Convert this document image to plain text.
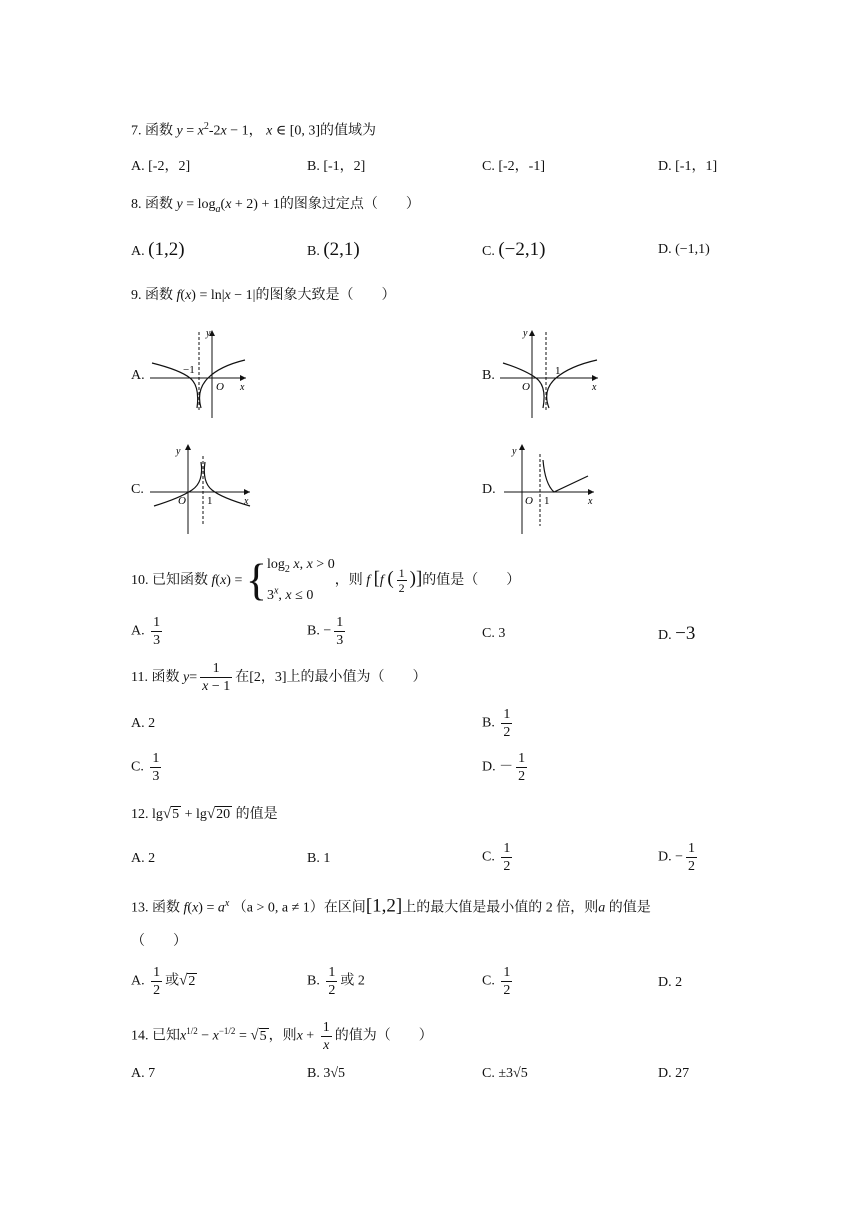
7. 函数 $y = x^2-2x - 1$， x ∈ [0, 3]的值域为
A. [-2，2]	B. [-1，2]	C. [-2，-1]	D. [-1，1]
8. 函数 $y = \log_a(x + 2) + 1$的图象过定点（　　）
A. (1,2)	B. (2,1)	C. (−2,1)	D. (−1,1)
9. 函数 f(x) = ln|x − 1|的图象大致是（　　）
A.	−1
O x
y
B.	1
O	x
y
C.
1
O	x
y
D.
1
O	x
y
10. 已知函数 $f(x) = \{\log_2$ x, x > 0
3$^x$, x ≤ 0，则 f [f ( $\frac{1}{2}$ )]的值是（　　）
A. $\frac{1}{3}$	B. − $\frac{1}{3}$	C. 3	D. −3
11. 函数 $y= \frac{1}{x - 1}$ 在[2，3]上的最小值为（　　）
A. 2	B. $\frac{1}{2}$
C. $\frac{1}{3}$	D. － $\frac{1}{2}$
12. lg√5 + lg√20 的值是
A. 2	B. 1	C. $\frac{1}{2}$	D. − $\frac{1}{2}$
13. 函数 $f(x) = a^x$ （a > 0, a ≠ 1）在区间[1,2]上的最大值是最小值的 2 倍，则a 的值是
（　　）
A. $\frac{1}{2}$ 或√2	B. $\frac{1}{2}$ 或 2	C. $\frac{1}{2}$	D. 2
14. 已知$x^{1/2} - x^{-1/2} = √5$ ，则$x + \frac{1}{x}$ 的值为（　　）
A. 7	B. 3√5	C. ±3√5	D. 27
